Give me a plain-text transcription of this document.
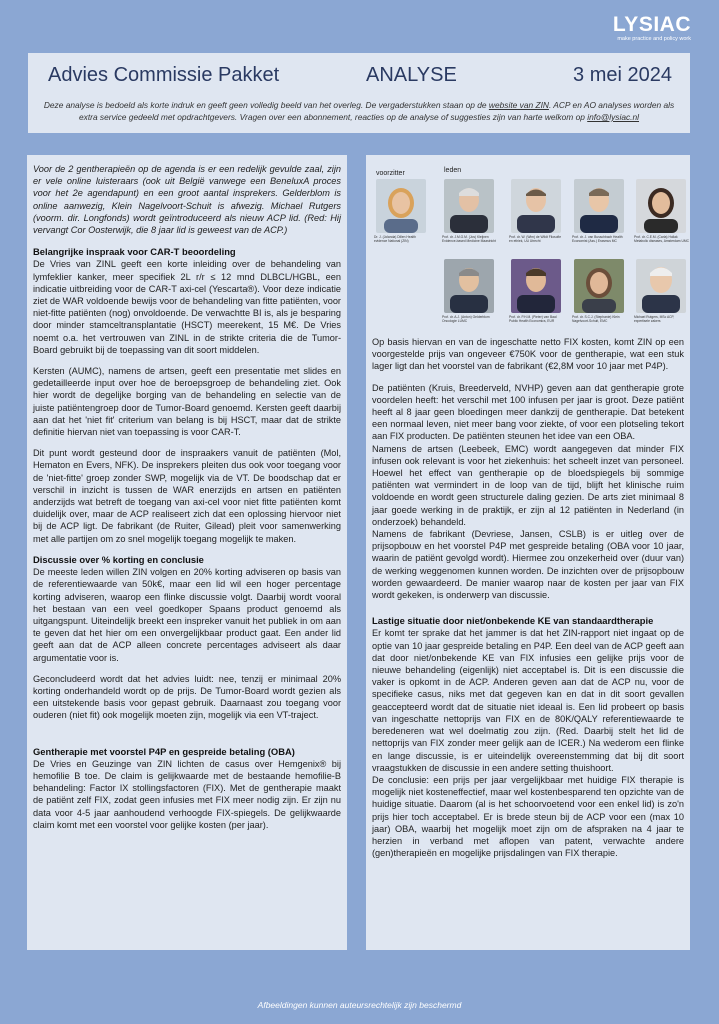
LYSIAC
make practice and policy work
Advies Commissie Pakket	ANALYSE	3 mei 2024
Deze analyse is bedoeld als korte indruk en geeft geen volledig beeld van het overleg. De vergaderstukken staan op de website van ZIN. ACP en AO analyses worden als extra service gedeeld met opdrachtgevers. Vragen over een abonnement, reacties op de analyse of suggesties zijn van harte welkom op info@lysiac.nl

Voor de 2 gentherapieën op de agenda is er een redelijk gevulde zaal, zijn er vele online luisteraars (ook uit België vanwege een BeneluxA proces voor het 2e agendapunt) en een groot aantal insprekers. Gelderblom is online aanwezig, Klein Nagelvoort-Schuit is afwezig. Michael Rutgers (voorm. dir. Longfonds) wordt geïntroduceerd als nieuw ACP lid. (Red: Hij vervangt Cor Oosterwijk, die 8 jaar lid is geweest van de ACP.)

Belangrijke inspraak voor CAR-T beoordeling

De Vries van ZINL geeft een korte inleiding over de behandeling van lymfeklier kanker, meer specifiek 2L r/r ≤ 12 mnd DLBCL/HGBL, een indicatie uitbreiding voor de CAR-T axi-cel (Yescarta®). Voor deze indicatie ziet de WAR voldoende bewijs voor de behandeling van fitte patiënten, voor niet-fitte patiënten (nog) onvoldoende. De verwachtte BI is, als je besparing door minder stamceltransplantatie (HSCT) meerekent, 15 M€. De Vries noemt o.a. het vertrouwen van ZINL in de strikte criteria die de Tumor-Board gebruikt bij de toepassing van dit soort middelen.

Kersten (AUMC), namens de artsen, geeft een presentatie met slides en gedetailleerde input over hoe de beroepsgroep de behandeling ziet. Ook hier wordt de degelijke borging van de behandeling en selectie van de juiste patiëntengroep door de Tumor-Board genoemd. Kersten geeft daarbij aan dat het 'niet fit' criterium van belang is bij HSCT, maar dat de strikte definitie hiervan niet van toepassing is voor CAR-T.

Dit punt wordt gesteund door de inspraakers vanuit de patiënten (Mol, Hematon en Evers, NFK). De insprekers pleiten dus ook voor toegang voor de 'niet-fitte' groep zonder SWP, mogelijk via de VT. De boodschap dat er verschil in inzicht is tussen de WAR enerzijds en artsen en patiënten anderzijds wat betreft de toegang van axi-cel voor niet fitte patiënten komt duidelijk over, maar de ACP realiseert zich dat een oplossing hiervoor niet bij de ACP ligt. De fabrikant (de Ruiter, Gilead) pleit voor samenwerking met alle partijen om zo snel mogelijk toegang mogelijk te maken.

Discussie over % korting en conclusie

De meeste leden willen ZIN volgen en 20% korting adviseren op basis van de referentiewaarde van 50k€, maar een lid wil een hoger percentage korting adviseren, waarop een flinke discussie volgt. Daarbij wordt vooral het bestaan van een veel goedkoper Spaans product genoemd als uitgangspunt. Uiteindelijk breekt een inspreker vanuit het publiek in om aan te geven dat het hier om een onvergelijkbaar product gaat. Een ander lid geeft aan dat de ACP alleen concrete percentages adviseert als daar argumentatie voor is.

Geconcludeerd wordt dat het advies luidt: nee, tenzij er minimaal 20% korting onderhandeld wordt op de prijs. De Tumor-Board wordt gezien als een uitstekende basis voor gepast gebruik. Daarnaast zou toegang voor ouderen (niet fit) ook mogelijk moeten zijn, mogelijk via een VT-traject.

Gentherapie met voorstel P4P en gespreide betaling (OBA)

De Vries en Geuzinge van ZIN lichten de casus over Hemgenix® bij hemofilie B toe. De claim is gelijkwaarde met de bestaande hemofilie-B behandeling: Factor IX stollingsfactoren (FIX). Met de gentherapie maakt de patiënt zelf FIX, zodat geen infusies met FIX meer nodig zijn. Er zijn nu data voor 4-5 jaar aanhoudend verhoogde FIX-spiegels. De gelijkwaarde claim komt met een voorstel voor gelijke kosten (per jaar).

voorzitter	leden
Dr. J. (Jolanda) Dillen Health evidence National (ZIN)
Prof. dr. J.M.G.M. (Jos) Kleijnen Evidence-based Medicine Maastricht
Prof. dr. W. (Wim) de Wildt Filosofie en ethiek, UU Utrecht
Prof. dr. J. van Busschbach Health Economist (Ass.) Erasmus MC
Prof. dr. C.E.M. (Carla) Hollak Metabolic diseases, Amsterdam UMC
Prof. dr. A.J. (Anton) Gelderblom Oncologie LUMC
Prof. dr. P.H.M. (Pieter) van Baal Public Health Economics, EUR
Prof. dr. S.C.J. (Stephanie) Klein Nagelvoort-Schuit, EMC
Michael Rutgers, MSc ACP, expertisele zakers

Op basis hiervan en van de ingeschatte netto FIX kosten, komt ZIN op een voorgestelde prijs van ongeveer €750K voor de gentherapie, wat een stuk lager ligt dan het voorstel van de fabrikant (€2,8M voor 10 jaar met P4P).

De patiënten (Kruis, Breederveld, NVHP) geven aan dat gentherapie grote voordelen heeft: het verschil met 100 infusen per jaar is groot. Deze patiënt heeft al 8 jaar geen bloedingen meer dankzij de gentherapie. Dat betekent een normaal leven, niet meer bang voor ziekte, of voor een plotseling tekort aan FIX producten. De patiënten steunen het idee van een OBA.

Namens de artsen (Leebeek, EMC) wordt aangegeven dat minder FIX infusen ook relevant is voor het ziekenhuis: het scheelt inzet van personeel. Hoewel het effect van gentherapie op de bloedspiegels bij sommige patiënten wat vermindert in de loop van de tijd, blijft het klinische ruim voldoende en wordt geen structurele daling gezien. De arts ziet minimaal 8 jaar goede werking in de praktijk, er zijn al 12 patiënten in Nederland (in onderzoek) behandeld.

Namens de fabrikant (Devriese, Jansen, CSLB) is er uitleg over de prijsopbouw en het voorstel P4P met gespreide betaling (OBA voor 10 jaar, waarin de patiënt gevolgd wordt). Hiermee zou onzekerheid over (duur van) de werking weggenomen kunnen worden. De inzichten over de prijsopbouw worden gewaardeerd. De manier waarop naar de kosten per jaar van FIX wordt gekeken, is onderwerp van discussie.

Lastige situatie door niet/onbekende KE van standaardtherapie

Er komt ter sprake dat het jammer is dat het ZIN-rapport niet ingaat op de optie van 10 jaar gespreide betaling en P4P. Een deel van de ACP geeft aan dat door niet/onbekende KE van FIX infusies een gelijke prijs voor de nieuwe behandeling (eigenlijk) niet acceptabel is. Dit is een discussie die vaker is opkomt in de ACP. Anderen geven aan dat de ACP nu, voor de specifieke casus, niks met dat gegeven kan en dat in dit soort gevallen geaccepteerd wordt dat de situatie niet ideaal is. Een lid probeert op basis van ingeschatte nettoprijs van FIX en de 80K/QALY referentiewaarde te beredeneren wat wel doelmatig zou zijn. (Red. Daarbij stelt het lid de nettoprijs van FIX zonder meer gelijk aan de ICER.) Na wederom een flinke en lange discussie, is er uiteindelijk overeenstemming dat bij dit soort vraagstukken de discussie in een andere setting thuishoort.

De conclusie: een prijs per jaar vergelijkbaar met huidige FIX therapie is mogelijk niet kosteneffectief, maar wel kostenbesparend ten opzichte van de huidige situatie. Daarom (al is het schoorvoetend voor een enkel lid) is zo'n prijs hier toch acceptabel. Er is brede steun bij de ACP voor een (max 10 jaar) OBA, waarbij het mogelijk moet zijn om de afspraken na 4 jaar te herzien in verband met aflopen van patent, verwachte andere (gen)therapieën en mogelijke prijsdalingen van FIX therapie.

Afbeeldingen kunnen auteursrechtelijk zijn beschermd
